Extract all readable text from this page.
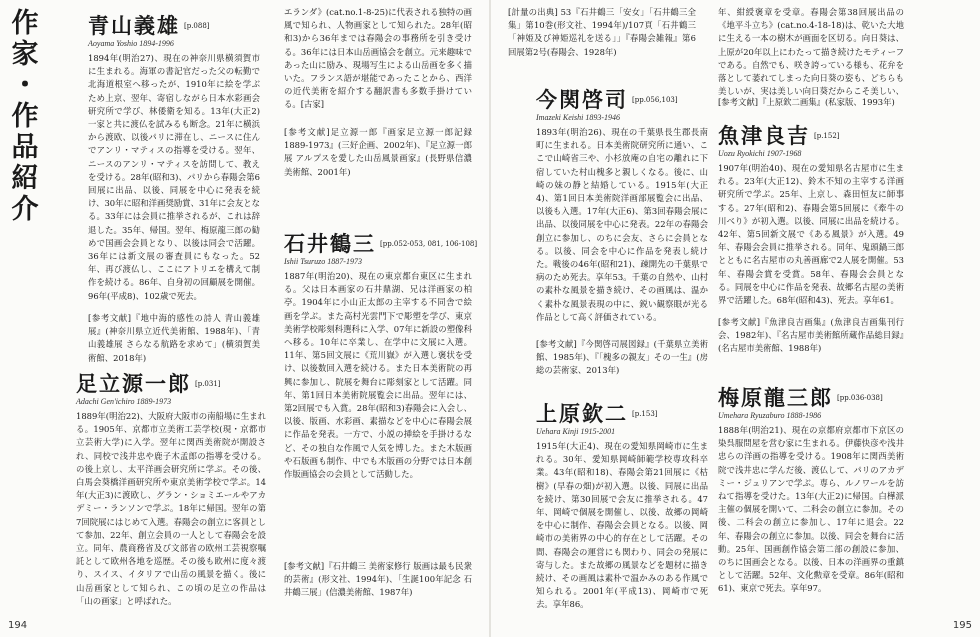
作
家
・
作
品
紹
介
青山義雄 [p.088]
Aoyama Yoshio 1894-1996
1894年(明治27)、現在の神奈川県横須賀市に生まれる。海軍の書記官だった父の転勤で北海道根室へ移ったが、1910年に絵を学ぶため上京、翌年、寄宿しながら日本水彩画会研究所で学び、林倭衛を知る。13年(大正2)一家と共に渡仏を試みるも断念。21年に横浜から渡欧、以後パリに滞在し、ニースに住んでアンリ・マティスの指導を受ける。翌年、ニースのアンリ・マティスを訪問して、教えを受ける。28年(昭和3)、パリから春陽会第6回展に出品、以後、同展を中心に発表を続け、30年に昭和洋画奨励賞、31年に会友となる。33年には会員に推挙されるが、これは辞退した。35年、帰国。翌年、梅原龍三郎の勧めで国画会会員となり、以後は同会で活躍。36年には新文展の審査員にもなった。52年、再び渡仏し、ここにアトリエを構えて制作を続ける。86年、自身初の回顧展を開催。96年(平成8)、102歳で死去。
[参考文献]『地中海的感性の詩人 青山義雄展』(神奈川県立近代美術館、1988年)、「青山義雄展 さらなる航路を求めて」(横須賀美術館、2018年)
足立源一郎 [p.031]
Adachi Gen'ichiro 1889-1973
1889年(明治22)、大阪府大阪市の南船場に生まれる。1905年、京都市立美術工芸学校(現・京都市立芸術大学)に入学。翌年に関西美術院が開設され、同校で浅井忠や鹿子木孟郎の指導を受ける。の後上京し、太平洋画会研究所に学ぶ。その後、白馬会葵橋洋画研究所や東京美術学校で学ぶ。14年(大正3)に渡欧し、グラン・ショミエールやアカデミー・ランソンで学ぶ。18年に帰国。翌年の第7回院展にはじめて入選。春陽会の創立に客員として参加、22年、創立会員の一人として春陽会を設立。同年、農商務省及び文部省の欧州工芸視察嘱託として欧州各地を巡歴。その後も欧州に度々渡り、スイス、イタリアで山岳の風景を描く。後に山岳画家として知られ、この頃の足立の作品は「山の画家」と呼ばれた。
エランダ》(cat.no.1-8-25)に代表される独特の画風で知られ、人物画家として知られた。28年(昭和3)から36年までは春陽会の事務所を引き受ける。36年には日本山岳画協会を創立。元来趣味であった山に励み、現場写生による山岳画を多く描いた。フランス語が堪能であったことから、西洋の近代美術を紹介する翻訳書も多数手掛けている。[古家]
[参考文献]足立源一郎『画家足立源一郎記録 1889-1973』(三好企画、2002年)、『足立源一郎展 アルプスを愛した山岳風景画家』(長野県信濃美術館、2001年)
石井鶴三 [pp.052-053, 081, 106-108]
Ishii Tsuruzo 1887-1973
1887年(明治20)、現在の東京都台東区に生まれる。父は日本画家の石井鼎湖、兄は洋画家の柏亭。1904年に小山正太郎の主宰する不同舎で絵画を学ぶ。また高村光雲門下で彫塑を学び、東京美術学校彫刻科選科に入学、07年に新設の塑像科へ移る。10年に卒業し、在学中に文展に入選。11年、第5回文展に《荒川嶽》が入選し褒状を受け、以後数回入選を続ける。また日本美術院の再興に参加し、院展を舞台に彫刻家として活躍。同年、第1回日本美術院展覧会に出品。翌年には、第2回展でも入賞。28年(昭和3)春陽会に入会し、以後、版画、水彩画、素描などを中心に春陽会展に作品を発表。一方で、小説の挿絵を手掛けるなど、その独自な作風で人気を博した。また木版画や石版画も制作、中でも木版画の分野では日本創作版画協会の会員として活動した。
[参考文献]『石井鶴三 美術家修行 版画は最も民衆的芸術』(形文社、1994年)、「生誕100年記念 石井鶴三展」(信濃美術館、1987年)
194
[計量の出典] 53『石井鶴三「安女」「石井鶴三全集」第10巻(形文社、1994年)/107頁「石井鶴三「神姫及び神姫巡礼を送る」」『春陽会雑報』第6回展第2号(春陽会、1928年)
今関啓司 [pp.056,103]
Imazeki Keishi 1893-1946
1893年(明治26)、現在の千葉県長生郡長南町に生まれる。日本美術院研究所に通い、ここで山崎省三や、小杉放庵の自宅の離れに下宿していた村山槐多と親しくなる。後に、山崎の妹の静と結婚している。1915年(大正4)、第1回日本美術院洋画部展覧会に出品、以後も入選。17年(大正6)、第3回春陽会展に出品、以後同展を中心に発表。22年の春陽会創立に参加し、のちに会友、さらに会員となる。以後、同会を中心に作品を発表し続けた。戦後の46年(昭和21)、疎開先の千葉県で病のため死去。享年53。千葉の自然や、山村の素朴な風景を描き続け、その画風は、温かく素朴な風景表現の中に、鋭い観察眼が光る作品として高く評価されている。
[参考文献]『今関啓司展図録』(千葉県立美術館、1985年)、『「槐多の親友」その一生』(房総の芸術家、2013年)
上原欽二 [p.153]
Uehara Kinji 1915-2001
1915年(大正4)、現在の愛知県岡崎市に生まれる。30年、愛知県岡崎師範学校専攻科卒業。43年(昭和18)、春陽会第21回展に《枯樹》(早春の畑)が初入選。以後、同展に出品を続け、第30回展で会友に推挙される。47年、岡崎で個展を開催し、以後、故郷の岡崎を中心に制作、春陽会会員となる。以後、岡崎市の美術界の中心的存在として活躍。その間、春陽会の運営にも関わり、同会の発展に寄与した。また故郷の風景などを題材に描き続け、その画風は素朴で温かみのある作風で知られる。2001年(平成13)、岡崎市で死去。享年86。
年、紺綬褒章を受章。春陽会第38回展出品の《地平斗立ち》(cat.no.4-18-18)は、乾いた大地に生える一本の樹木が画面を区切る。向日葵は、上原が20年以上にわたって描き続けたモティーフである。自然でも、咲き誇っている様も、花弁を落として萎れてしまった向日葵の姿も、どちらも美しいが、実は美しい向日葵だからこそ美しい、
[参考文献]『上原欽二画集』(私家版、1993年)
魚津良吉 [p.152]
Uozu Ryokichi 1907-1968
1907年(明治40)、現在の愛知県名古屋市に生まれる。23年(大正12)、鈴木不知の主宰する洋画研究所で学ぶ。25年、上京し、森田恒友に師事する。27年(昭和2)、春陽会第5回展に《牽牛の川べり》が初入選。以後、同展に出品を続ける。42年、第5回新文展で《ある風景》が入選。49年、春陽会会員に推挙される。同年、鬼頭鍋三郎とともに名古屋市の丸善画廊で2人展を開催。53年、春陽会賞を受賞。58年、春陽会会員となる。同展を中心に作品を発表、故郷名古屋の美術界で活躍した。68年(昭和43)、死去。享年61。
[参考文献]『魚津良吉画集』(魚津良吉画集刊行会、1982年)、『名古屋市美術館所蔵作品総目録』(名古屋市美術館、1988年)
梅原龍三郎 [pp.036-038]
Umehara Ryuzaburo 1888-1986
1888年(明治21)、現在の京都府京都市下京区の染呉服問屋を営む家に生まれる。伊藤快彦や浅井忠らの洋画の指導を受ける。1908年に関西美術院で浅井忠に学んだ後、渡仏して、パリのアカデミー・ジュリアンで学ぶ。専ら、ルノワールを訪ねて指導を受けた。13年(大正2)に帰国。白樺派主催の個展を開いて、二科会の創立に参加。その後、二科会の創立に参加し、17年に退会。22年、春陽会の創立に参加。以後、同会を舞台に活動。25年、国画創作協会第二部の創設に参加、のちに国画会となる。以後、日本の洋画界の重鎮として活躍。52年、文化勲章を受章。86年(昭和61)、東京で死去。享年97。
195
